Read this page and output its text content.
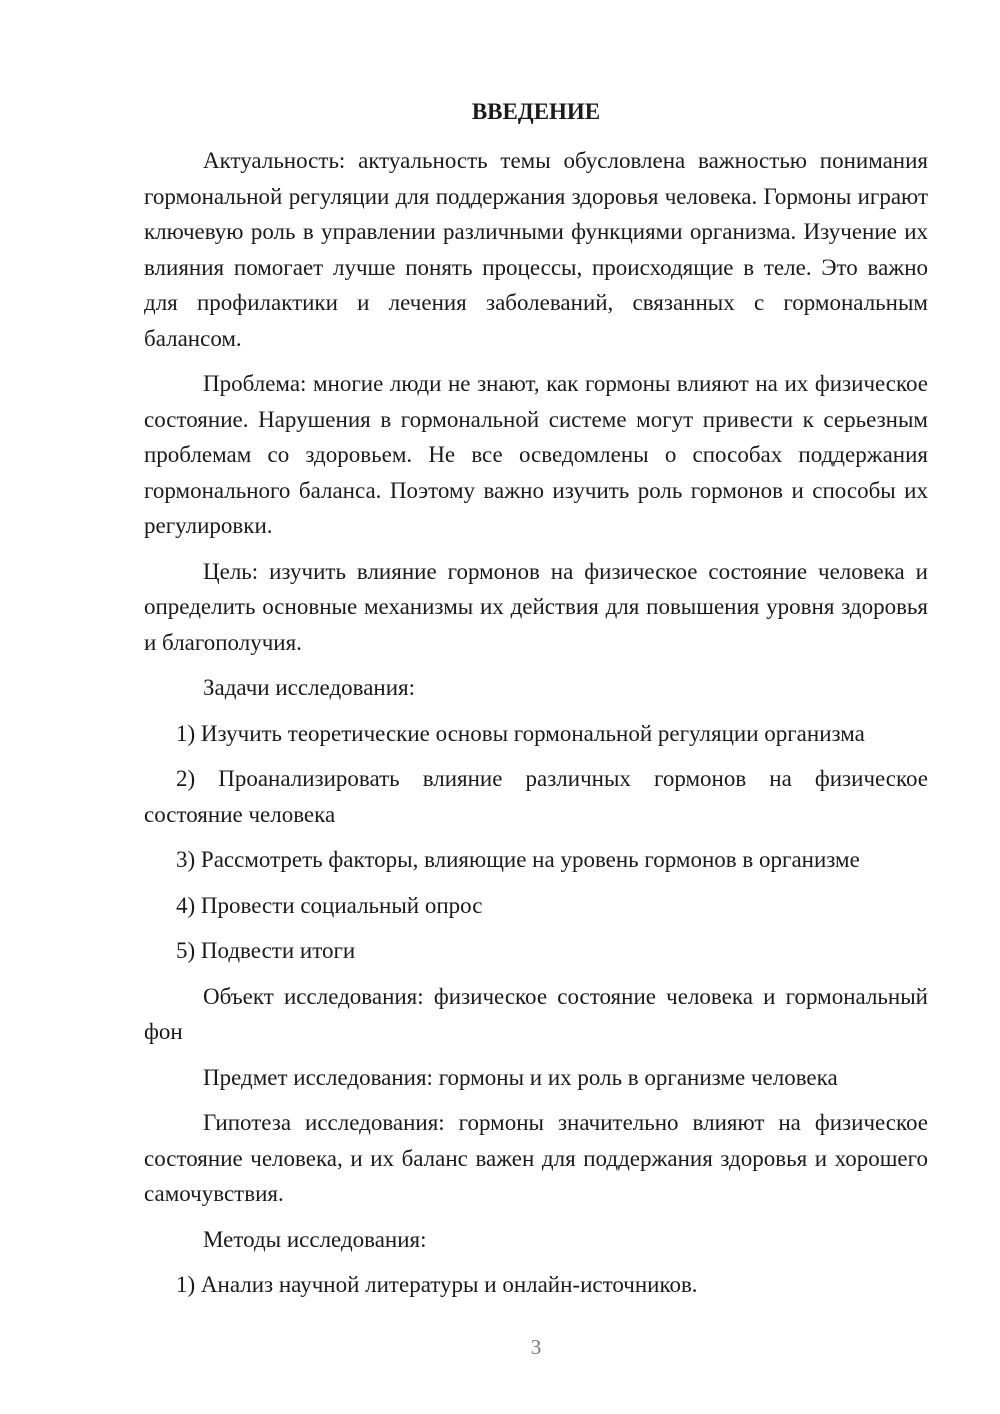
ВВЕДЕНИЕ

Актуальность: актуальность темы обусловлена важностью понимания гормональной регуляции для поддержания здоровья человека. Гормоны играют ключевую роль в управлении различными функциями организма. Изучение их влияния помогает лучше понять процессы, происходящие в теле. Это важно для профилактики и лечения заболеваний, связанных с гормональным балансом.

Проблема: многие люди не знают, как гормоны влияют на их физическое состояние. Нарушения в гормональной системе могут привести к серьезным проблемам со здоровьем. Не все осведомлены о способах поддержания гормонального баланса. Поэтому важно изучить роль гормонов и способы их регулировки.

Цель: изучить влияние гормонов на физическое состояние человека и определить основные механизмы их действия для повышения уровня здоровья и благополучия.

Задачи исследования:

1) Изучить теоретические основы гормональной регуляции организма

2) Проанализировать влияние различных гормонов на физическое состояние человека

3) Рассмотреть факторы, влияющие на уровень гормонов в организме

4) Провести социальный опрос

5) Подвести итоги

Объект исследования: физическое состояние человека и гормональный фон

Предмет исследования: гормоны и их роль в организме человека

Гипотеза исследования: гормоны значительно влияют на физическое состояние человека, и их баланс важен для поддержания здоровья и хорошего самочувствия.

Методы исследования:

1) Анализ научной литературы и онлайн-источников.

3
